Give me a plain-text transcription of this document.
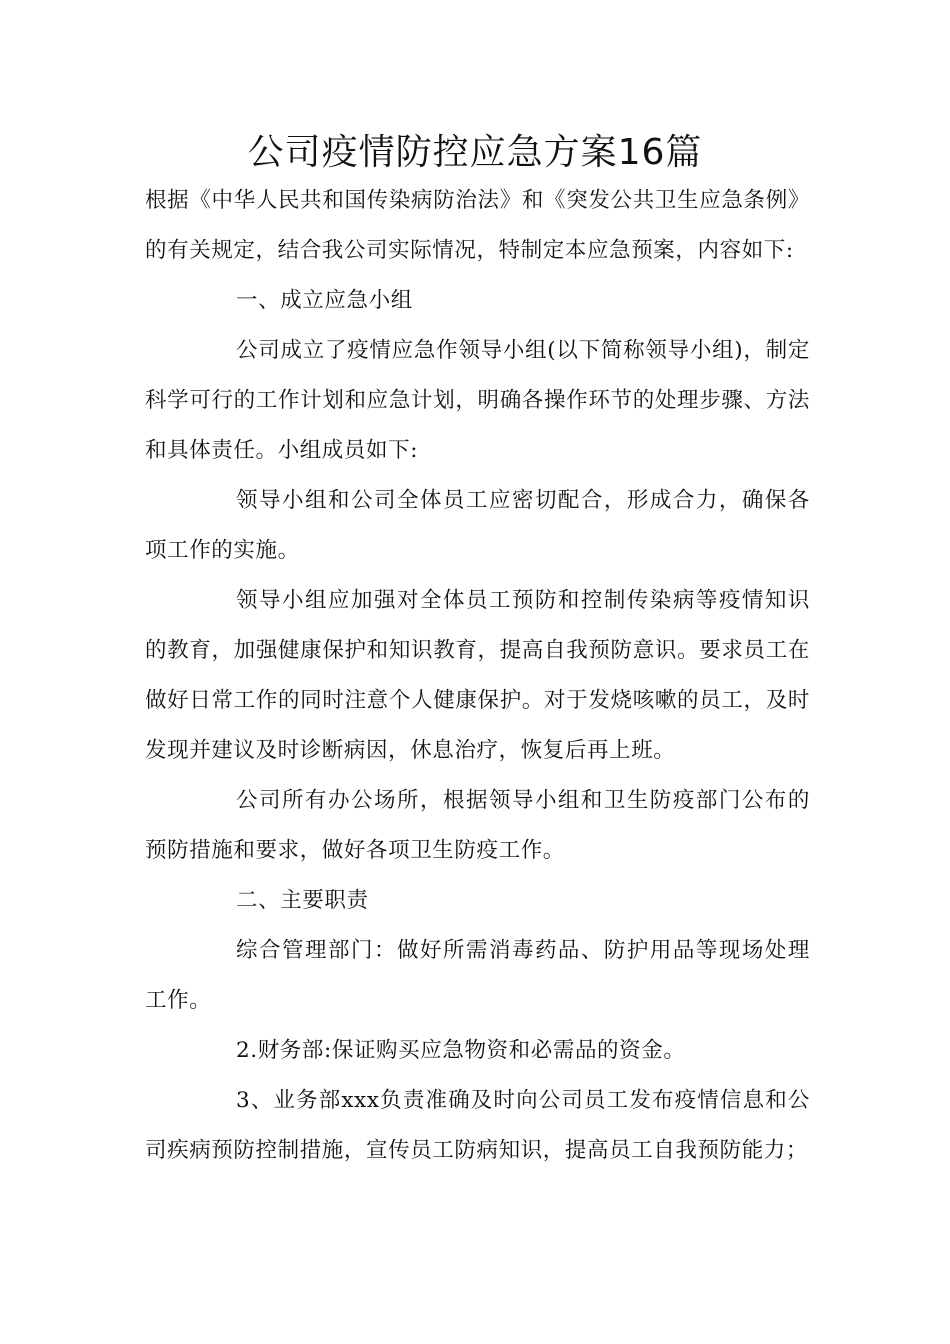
公司疫情防控应急方案16篇

根据《中华人民共和国传染病防治法》和《突发公共卫生应急条例》的有关规定，结合我公司实际情况，特制定本应急预案，内容如下:

一、成立应急小组

公司成立了疫情应急作领导小组(以下简称领导小组)，制定科学可行的工作计划和应急计划，明确各操作环节的处理步骤、方法和具体责任。小组成员如下:

领导小组和公司全体员工应密切配合，形成合力，确保各项工作的实施。

领导小组应加强对全体员工预防和控制传染病等疫情知识的教育，加强健康保护和知识教育，提高自我预防意识。要求员工在做好日常工作的同时注意个人健康保护。对于发烧咳嗽的员工，及时发现并建议及时诊断病因，休息治疗，恢复后再上班。

公司所有办公场所，根据领导小组和卫生防疫部门公布的预防措施和要求，做好各项卫生防疫工作。

二、主要职责

综合管理部门：做好所需消毒药品、防护用品等现场处理工作。

2.财务部:保证购买应急物资和必需品的资金。

3、业务部xxx负责准确及时向公司员工发布疫情信息和公司疾病预防控制措施，宣传员工防病知识，提高员工自我预防能力；
